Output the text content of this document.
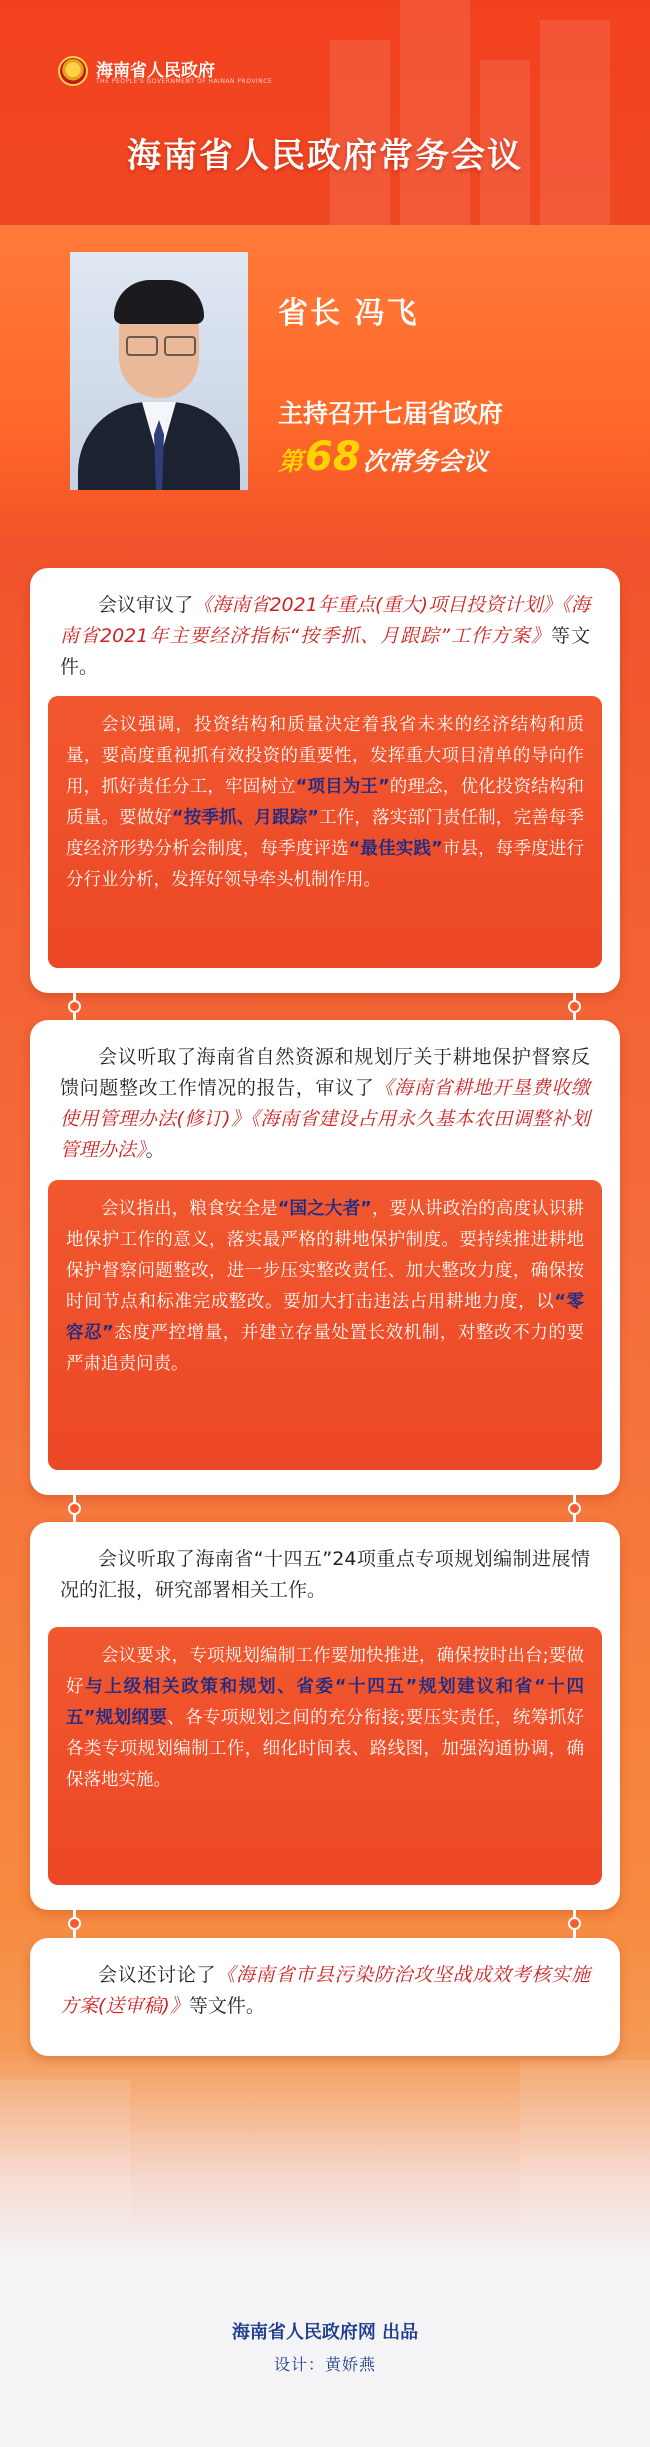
海南省人民政府
THE PEOPLE'S GOVERNMENT OF HAINAN PROVINCE
海南省人民政府常务会议
省长 冯飞
主持召开七届省政府
第 68 次常务会议
会议审议了《海南省2021年重点(重大)项目投资计划》《海南省2021年主要经济指标“按季抓、月跟踪”工作方案》等文件。
会议强调，投资结构和质量决定着我省未来的经济结构和质量，要高度重视抓有效投资的重要性，发挥重大项目清单的导向作用，抓好责任分工，牢固树立“项目为王”的理念，优化投资结构和质量。要做好“按季抓、月跟踪”工作，落实部门责任制，完善每季度经济形势分析会制度，每季度评选“最佳实践”市县，每季度进行分行业分析，发挥好领导牵头机制作用。
会议听取了海南省自然资源和规划厅关于耕地保护督察反馈问题整改工作情况的报告，审议了《海南省耕地开垦费收缴使用管理办法(修订)》《海南省建设占用永久基本农田调整补划管理办法》。
会议指出，粮食安全是“国之大者”，要从讲政治的高度认识耕地保护工作的意义，落实最严格的耕地保护制度。要持续推进耕地保护督察问题整改，进一步压实整改责任、加大整改力度，确保按时间节点和标准完成整改。要加大打击违法占用耕地力度，以“零容忍”态度严控增量，并建立存量处置长效机制，对整改不力的要严肃追责问责。
会议听取了海南省“十四五”24项重点专项规划编制进展情况的汇报，研究部署相关工作。
会议要求，专项规划编制工作要加快推进，确保按时出台;要做好与上级相关政策和规划、省委“十四五”规划建议和省“十四五”规划纲要、各专项规划之间的充分衔接;要压实责任，统筹抓好各类专项规划编制工作，细化时间表、路线图，加强沟通协调，确保落地实施。
会议还讨论了《海南省市县污染防治攻坚战成效考核实施方案(送审稿)》等文件。
海南省人民政府网 出品
设计：黄娇燕
